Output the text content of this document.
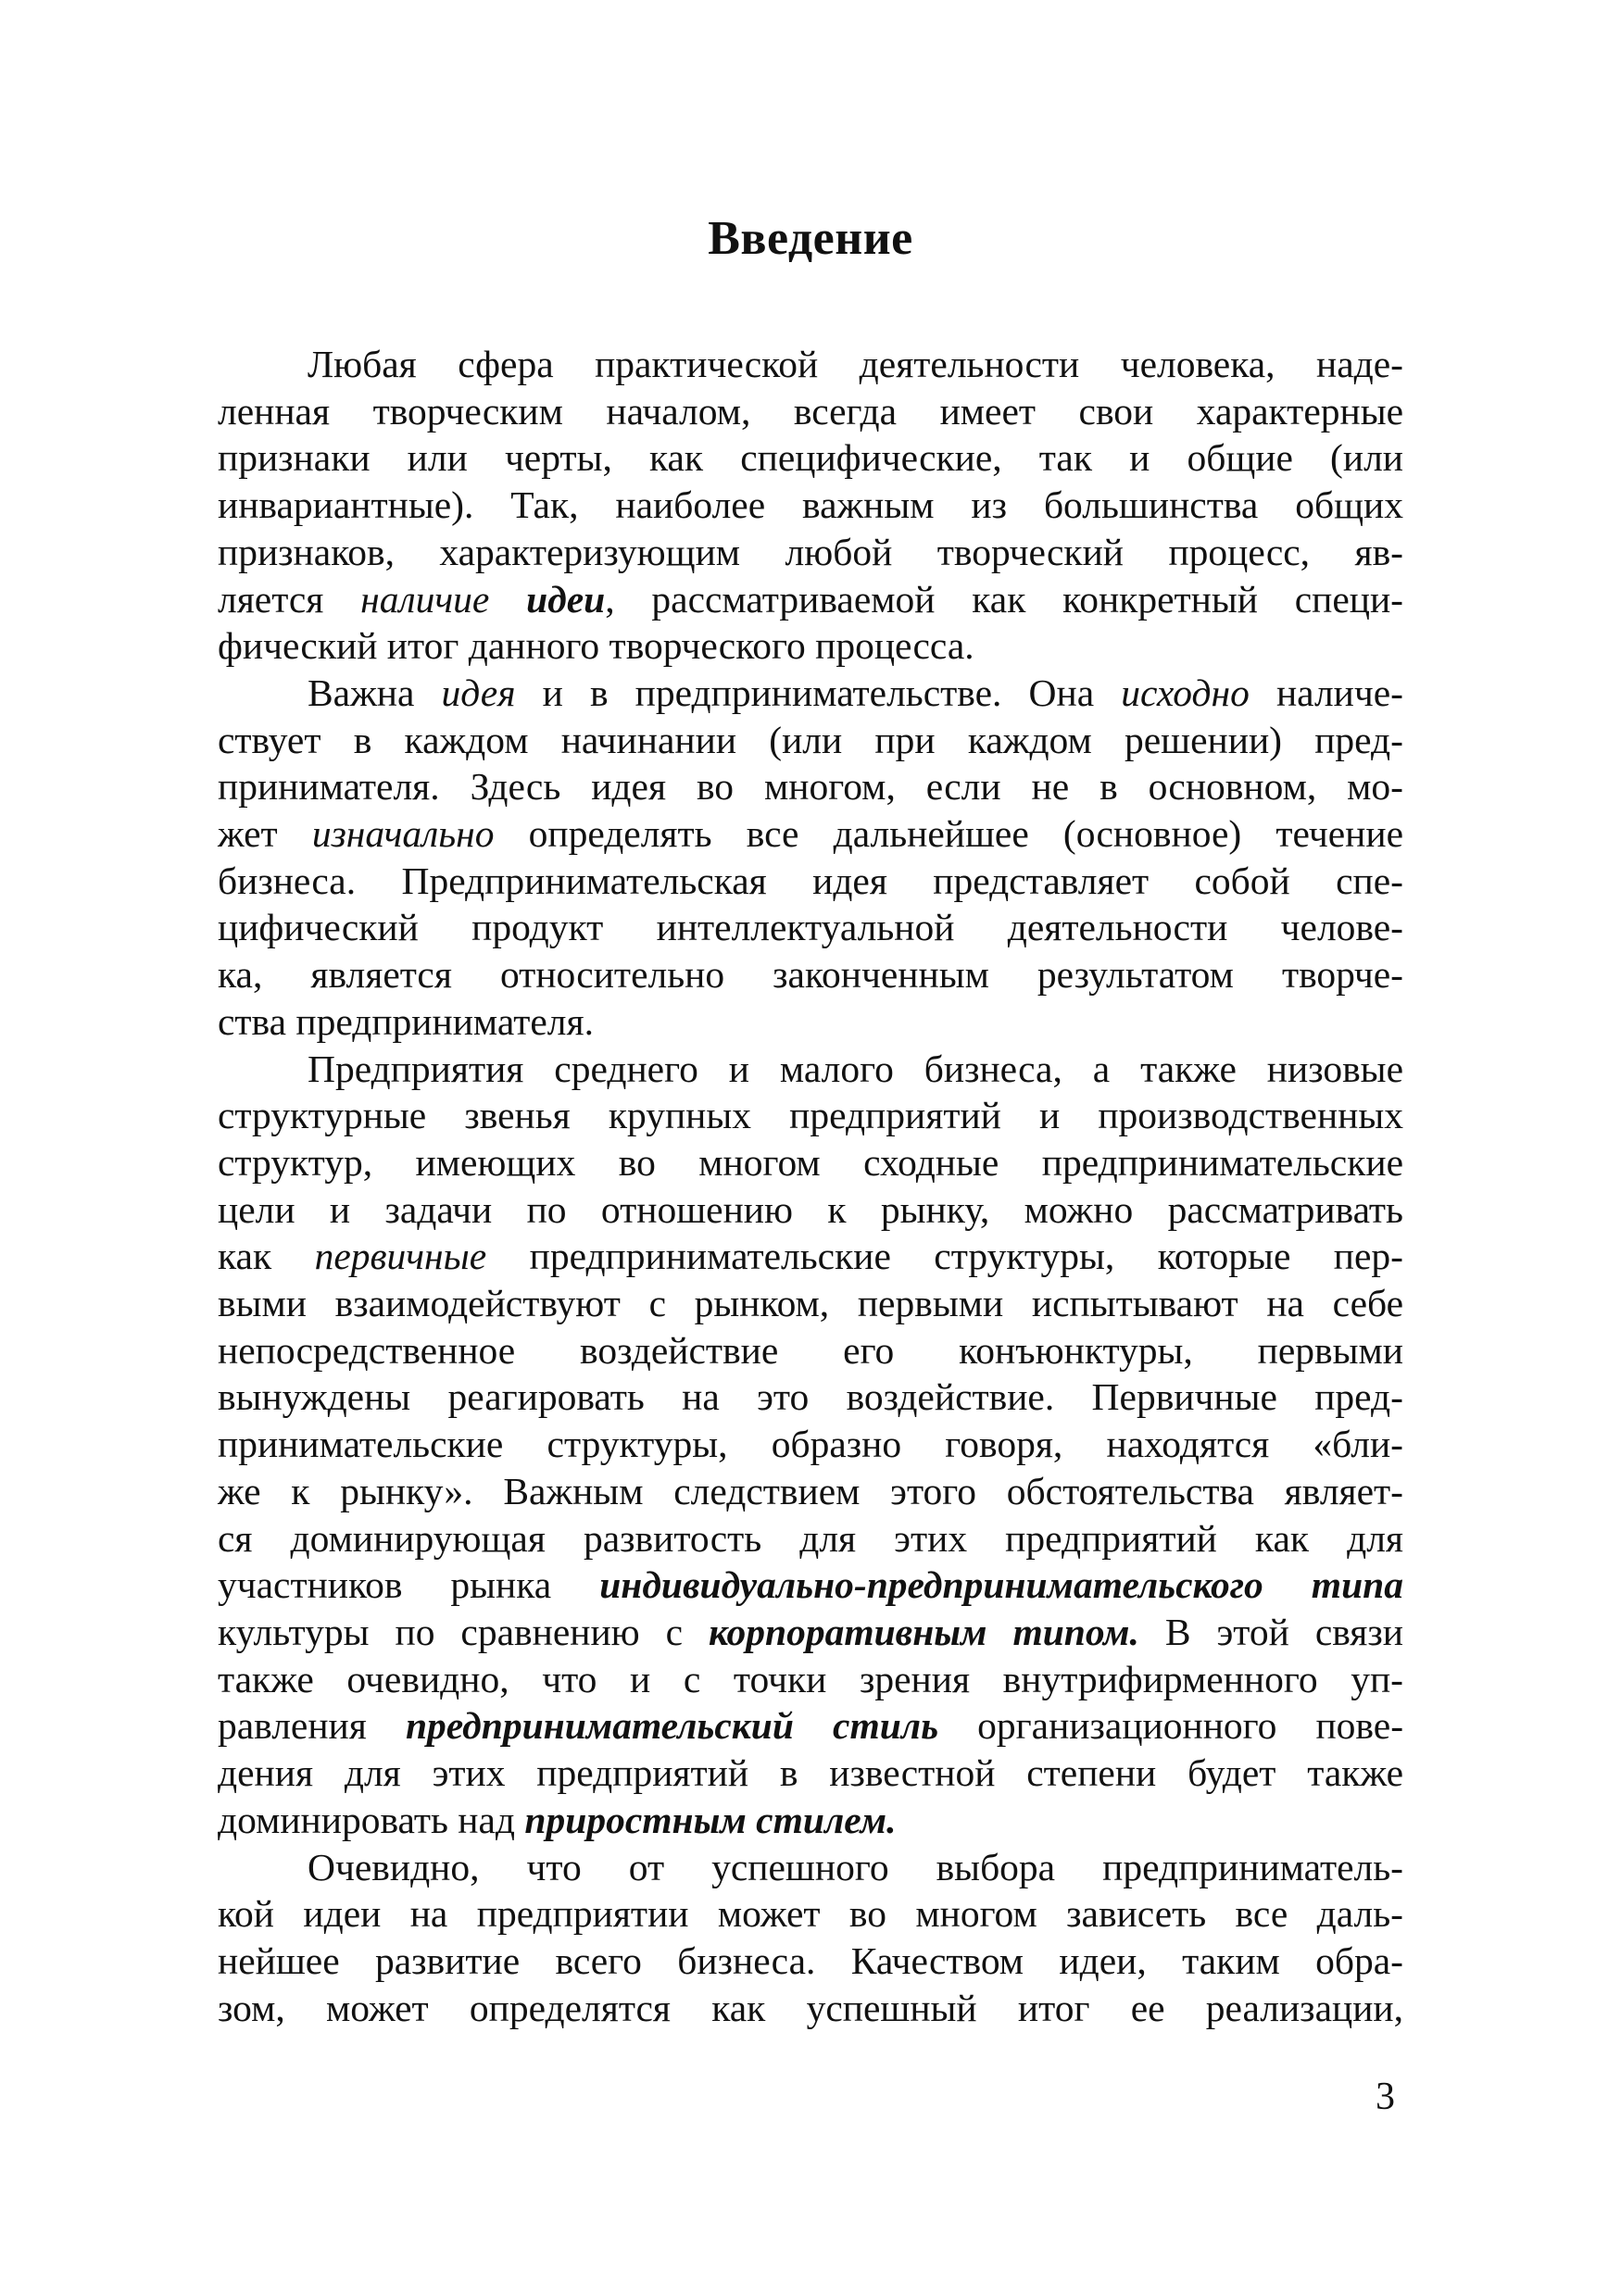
Введение
Любая сфера практической деятельности человека, наде-
ленная творческим началом, всегда имеет свои характерные
признаки или черты, как специфические, так и общие (или
инвариантные). Так, наиболее важным из большинства общих
признаков, характеризующим любой творческий процесс, яв-
ляется наличие идеи, рассматриваемой как конкретный специ-
фический итог данного творческого процесса.
Важна идея и в предпринимательстве. Она исходно наличе-
ствует в каждом начинании (или при каждом решении) пред-
принимателя. Здесь идея во многом, если не в основном, мо-
жет изначально определять все дальнейшее (основное) течение
бизнеса. Предпринимательская идея представляет собой спе-
цифический продукт интеллектуальной деятельности челове-
ка, является относительно законченным результатом творче-
ства предпринимателя.
Предприятия среднего и малого бизнеса, а также низовые
структурные звенья крупных предприятий и производственных
структур, имеющих во многом сходные предпринимательские
цели и задачи по отношению к рынку, можно рассматривать
как первичные предпринимательские структуры, которые пер-
выми взаимодействуют с рынком, первыми испытывают на себе
непосредственное воздействие его конъюнктуры, первыми
вынуждены реагировать на это воздействие. Первичные пред-
принимательские структуры, образно говоря, находятся «бли-
же к рынку». Важным следствием этого обстоятельства являет-
ся доминирующая развитость для этих предприятий как для
участников рынка индивидуально-предпринимательского типа
культуры по сравнению с корпоративным типом. В этой связи
также очевидно, что и с точки зрения внутрифирменного уп-
равления предпринимательский стиль организационного пове-
дения для этих предприятий в известной степени будет также
доминировать над приростным стилем.
Очевидно, что от успешного выбора предприниматель-
кой идеи на предприятии может во многом зависеть все даль-
нейшее развитие всего бизнеса. Качеством идеи, таким обра-
зом, может определятся как успешный итог ее реализации,
3
